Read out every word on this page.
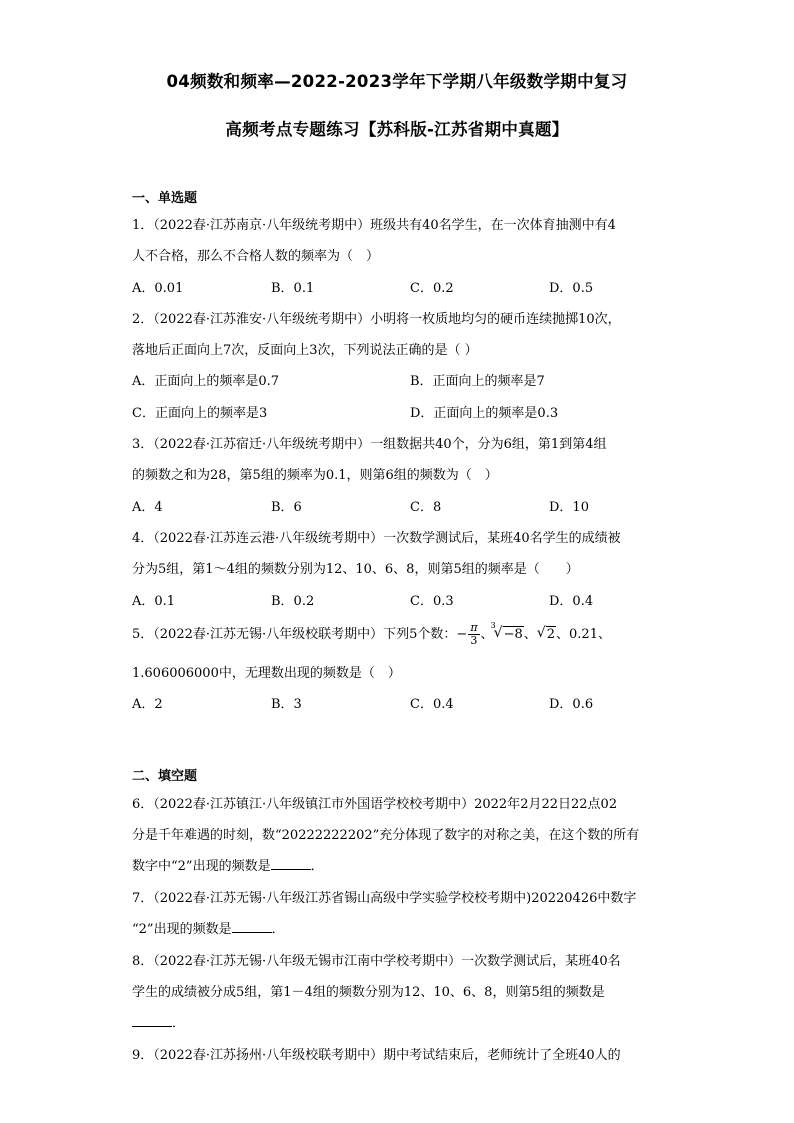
04频数和频率—2022-2023学年下学期八年级数学期中复习
高频考点专题练习【苏科版-江苏省期中真题】
一、单选题
1．（2022春·江苏南京·八年级统考期中）班级共有40名学生，在一次体育抽测中有4
人不合格，那么不合格人数的频率为（　）
A．0.01	B．0.1	C．0.2	D．0.5
2．（2022春·江苏淮安·八年级统考期中）小明将一枚质地均匀的硬币连续抛掷10次，
落地后正面向上7次，反面向上3次，下列说法正确的是（ ）
A．正面向上的频率是0.7	B．正面向上的频率是7
C．正面向上的频率是3	D．正面向上的频率是0.3
3．（2022春·江苏宿迁·八年级统考期中）一组数据共40个，分为6组，第1到第4组
的频数之和为28，第5组的频率为0.1，则第6组的频数为（　）
A．4	B．6	C．8	D．10
4．（2022春·江苏连云港·八年级统考期中）一次数学测试后，某班40名学生的成绩被
分为5组，第1～4组的频数分别为12、10、6、8，则第5组的频率是（　　）
A．0.1	B．0.2	C．0.3	D．0.4
5．（2022春·江苏无锡·八年级校联考期中）下列5个数：− $\frac{\pi}{3}$ 、
3
√ −8、 √ 2、0.21、
1.606006000中，无理数出现的频数是（　）
A．2	B．3	C．0.4	D．0.6
二、填空题
6．（2022春·江苏镇江·八年级镇江市外国语学校校考期中）2022年2月22日22点02
分是千年难遇的时刻，数“20222222202”充分体现了数字的对称之美，在这个数的所有
数字中“2”出现的频数是	．
7．（2022春·江苏无锡·八年级江苏省锡山高级中学实验学校校考期中)20220426中数字
“2”出现的频数是	．
8．（2022春·江苏无锡·八年级无锡市江南中学校考期中）一次数学测试后，某班40名
学生的成绩被分成5组，第1－4组的频数分别为12、10、6、8，则第5组的频数是
．
9．（2022春·江苏扬州·八年级校联考期中）期中考试结束后，老师统计了全班40人的
